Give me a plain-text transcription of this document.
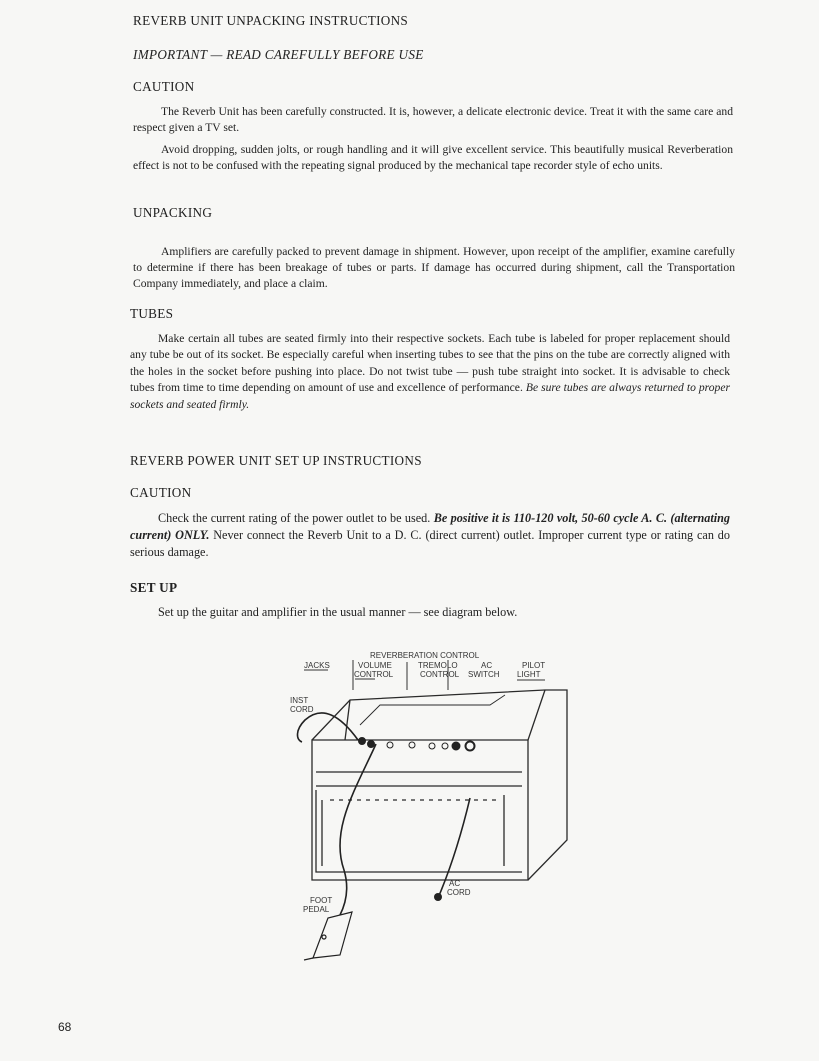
REVERB UNIT UNPACKING INSTRUCTIONS

IMPORTANT — READ CAREFULLY BEFORE USE

CAUTION

The Reverb Unit has been carefully constructed. It is, however, a delicate electronic device. Treat it with the same care and respect given a TV set.

Avoid dropping, sudden jolts, or rough handling and it will give excellent service. This beautifully musical Reverberation effect is not to be confused with the repeating signal produced by the mechanical tape recorder style of echo units.

UNPACKING

Amplifiers are carefully packed to prevent damage in shipment. However, upon receipt of the amplifier, examine carefully to determine if there has been breakage of tubes or parts. If damage has occurred during shipment, call the Transportation Company immediately, and place a claim.

TUBES

Make certain all tubes are seated firmly into their respective sockets. Each tube is labeled for proper replacement should any tube be out of its socket. Be especially careful when inserting tubes to see that the pins on the tube are correctly aligned with the holes in the socket before pushing into place. Do not twist tube — push tube straight into socket. It is advisable to check tubes from time to time depending on amount of use and excellence of performance. Be sure tubes are always returned to proper sockets and seated firmly.

REVERB POWER UNIT SET UP INSTRUCTIONS
CAUTION

Check the current rating of the power outlet to be used. Be positive it is 110-120 volt, 50-60 cycle A. C. (alternating current) ONLY. Never connect the Reverb Unit to a D. C. (direct current) outlet. Improper current type or rating can do serious damage.

SET UP

Set up the guitar and amplifier in the usual manner — see diagram below.

REVERBERATION CONTROL
JACKS	VOLUME
CONTROL
TREMOLO
CONTROL
AC
SWITCH
PILOT
LIGHT
INST
CORD
FOOT
PEDAL
AC
CORD

68
